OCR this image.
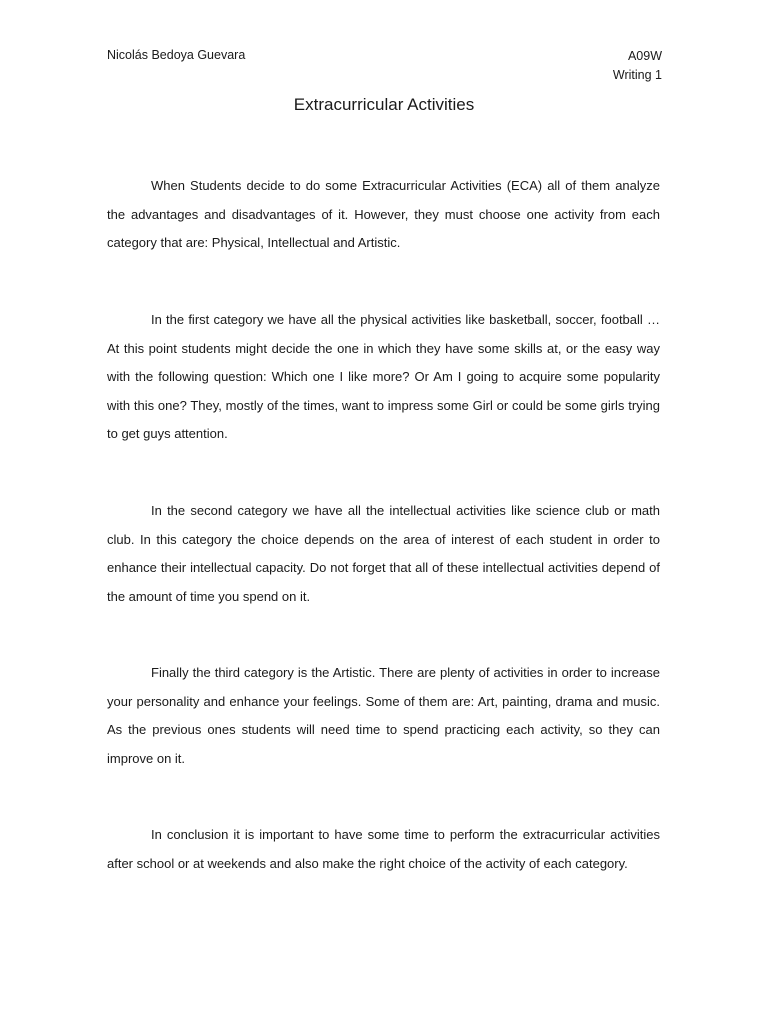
Nicolás Bedoya Guevara	A09W
Writing 1
Extracurricular Activities

When Students decide to do some Extracurricular Activities (ECA) all of them analyze the advantages and disadvantages of it. However, they must choose one activity from each category that are: Physical, Intellectual and Artistic.

In the first category we have all the physical activities like basketball, soccer, football … At this point students might decide the one in which they have some skills at, or the easy way with the following question: Which one I like more? Or Am I going to acquire some popularity with this one? They, mostly of the times, want to impress some Girl or could be some girls trying to get guys attention.

In the second category we have all the intellectual activities like science club or math club. In this category the choice depends on the area of interest of each student in order to enhance their intellectual capacity. Do not forget that all of these intellectual activities depend of the amount of time you spend on it.

Finally the third category is the Artistic. There are plenty of activities in order to increase your personality and enhance your feelings. Some of them are: Art, painting, drama and music. As the previous ones students will need time to spend practicing each activity, so they can improve on it.

In conclusion it is important to have some time to perform the extracurricular activities after school or at weekends and also make the right choice of the activity of each category.
